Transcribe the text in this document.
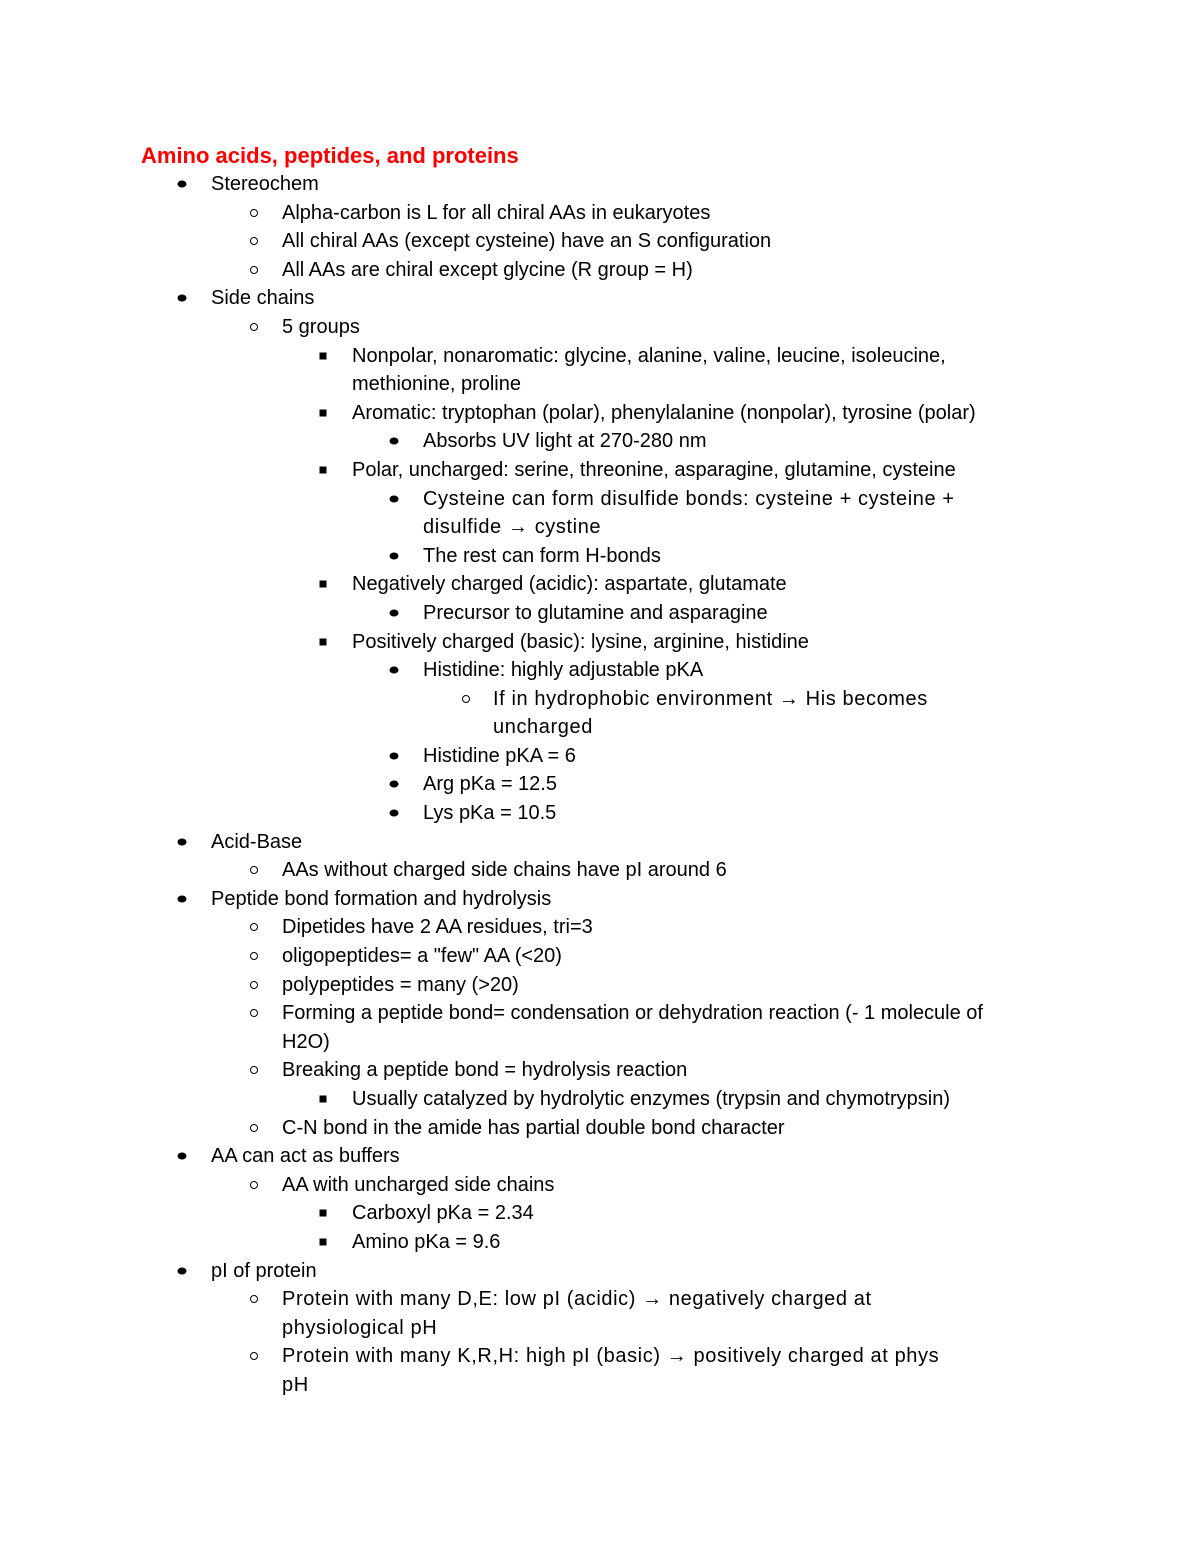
Amino acids, peptides, and proteins
Stereochem
Alpha-carbon is L for all chiral AAs in eukaryotes
All chiral AAs (except cysteine) have an S configuration
All AAs are chiral except glycine (R group = H)
Side chains
5 groups
Nonpolar, nonaromatic: glycine, alanine, valine, leucine, isoleucine,
methionine, proline
Aromatic: tryptophan (polar), phenylalanine (nonpolar), tyrosine (polar)
Absorbs UV light at 270-280 nm
Polar, uncharged: serine, threonine, asparagine, glutamine, cysteine
Cysteine can form disulfide bonds: cysteine + cysteine +
disulfide → cystine
The rest can form H-bonds
Negatively charged (acidic): aspartate, glutamate
Precursor to glutamine and asparagine
Positively charged (basic): lysine, arginine, histidine
Histidine: highly adjustable pKA
If in hydrophobic environment → His becomes
uncharged
Histidine pKA = 6
Arg pKa = 12.5
Lys pKa = 10.5
Acid-Base
AAs without charged side chains have pI around 6
Peptide bond formation and hydrolysis
Dipetides have 2 AA residues, tri=3
oligopeptides= a "few" AA (<20)
polypeptides = many (>20)
Forming a peptide bond= condensation or dehydration reaction (- 1 molecule of
H2O)
Breaking a peptide bond = hydrolysis reaction
Usually catalyzed by hydrolytic enzymes (trypsin and chymotrypsin)
C-N bond in the amide has partial double bond character
AA can act as buffers
AA with uncharged side chains
Carboxyl pKa = 2.34
Amino pKa = 9.6
pI of protein
Protein with many D,E: low pI (acidic) → negatively charged at
physiological pH
Protein with many K,R,H: high pI (basic) → positively charged at phys
pH
